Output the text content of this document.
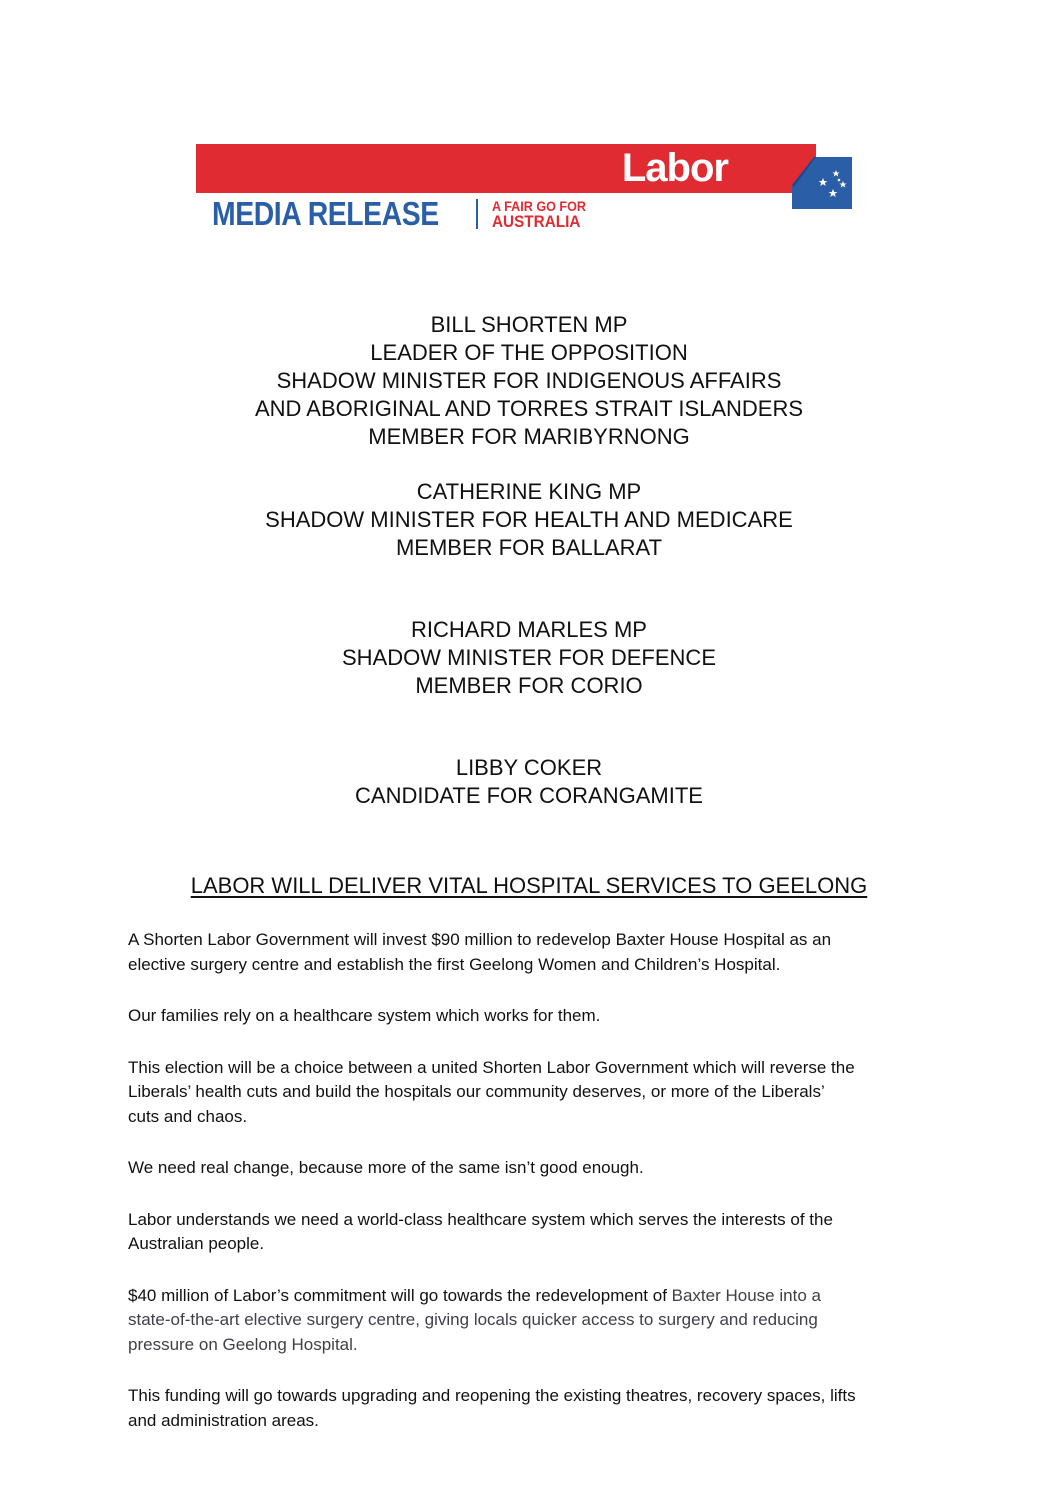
Labor
MEDIA RELEASE	A FAIR GO FOR
AUSTRALIA
BILL SHORTEN MP
LEADER OF THE OPPOSITION
SHADOW MINISTER FOR INDIGENOUS AFFAIRS
AND ABORIGINAL AND TORRES STRAIT ISLANDERS
MEMBER FOR MARIBYRNONG
CATHERINE KING MP
SHADOW MINISTER FOR HEALTH AND MEDICARE
MEMBER FOR BALLARAT
RICHARD MARLES MP
SHADOW MINISTER FOR DEFENCE
MEMBER FOR CORIO
LIBBY COKER
CANDIDATE FOR CORANGAMITE
LABOR WILL DELIVER VITAL HOSPITAL SERVICES TO GEELONG

A Shorten Labor Government will invest $90 million to redevelop Baxter House Hospital as an
elective surgery centre and establish the first Geelong Women and Children’s Hospital.

Our families rely on a healthcare system which works for them.

This election will be a choice between a united Shorten Labor Government which will reverse the
Liberals’ health cuts and build the hospitals our community deserves, or more of the Liberals’
cuts and chaos.

We need real change, because more of the same isn’t good enough.

Labor understands we need a world-class healthcare system which serves the interests of the
Australian people.

$40 million of Labor’s commitment will go towards the redevelopment of Baxter House into a
state-of-the-art elective surgery centre, giving locals quicker access to surgery and reducing
pressure on Geelong Hospital.

This funding will go towards upgrading and reopening the existing theatres, recovery spaces, lifts
and administration areas.
